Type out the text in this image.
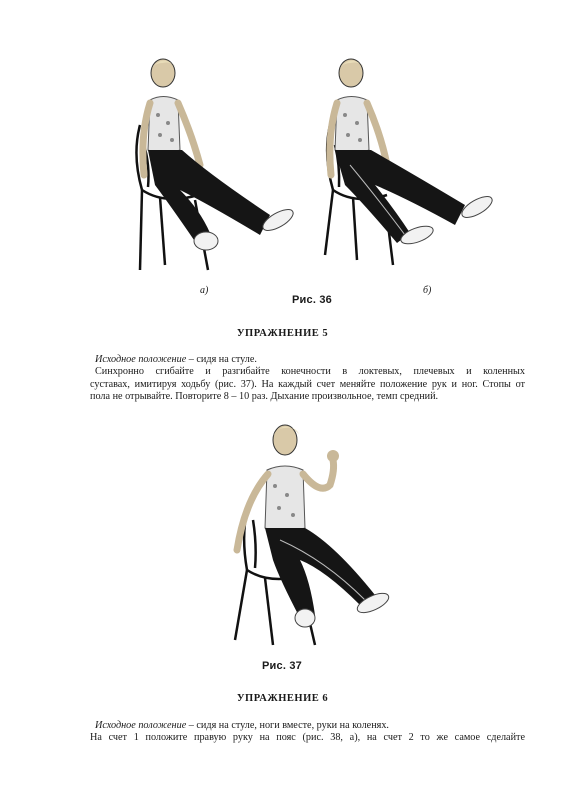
а)	б)
Рис. 36
УПРАЖНЕНИЕ 5
Исходное положение – сидя на стуле.
Синхронно сгибайте и разгибайте конечности в локтевых, плечевых и коленных
суставах, имитируя ходьбу (рис. 37). На каждый счет меняйте положение рук и ног. Стопы от
пола не отрывайте. Повторите 8 – 10 раз. Дыхание произвольное, темп средний.
Рис. 37
УПРАЖНЕНИЕ 6
Исходное положение – сидя на стуле, ноги вместе, руки на коленях.
На счет 1 положите правую руку на пояс (рис. 38, а), на счет 2 то же самое сделайте
